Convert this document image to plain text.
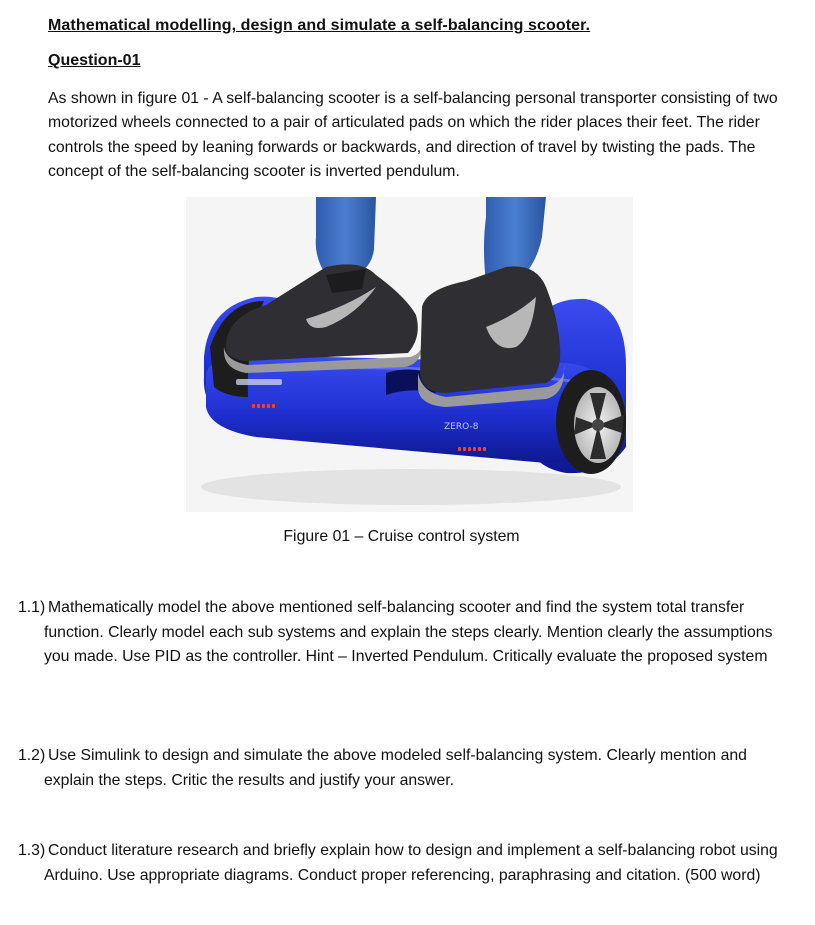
Mathematical modelling, design and simulate a self-balancing scooter.
Question-01

As shown in figure 01 - A self-balancing scooter is a self-balancing personal transporter consisting of two motorized wheels connected to a pair of articulated pads on which the rider places their feet. The rider controls the speed by leaning forwards or backwards, and direction of travel by twisting the pads. The concept of the self-balancing scooter is inverted pendulum.

ZERO-8
Figure 01 – Cruise control system
1.1) Mathematically model the above mentioned self-balancing scooter and find the system total transfer function. Clearly model each sub systems and explain the steps clearly. Mention clearly the assumptions you made. Use PID as the controller. Hint – Inverted Pendulum. Critically evaluate the proposed system

1.2) Use Simulink to design and simulate the above modeled self-balancing system. Clearly mention and explain the steps. Critic the results and justify your answer.

1.3) Conduct literature research and briefly explain how to design and implement a self-balancing robot using Arduino. Use appropriate diagrams. Conduct proper referencing, paraphrasing and citation. (500 word)
